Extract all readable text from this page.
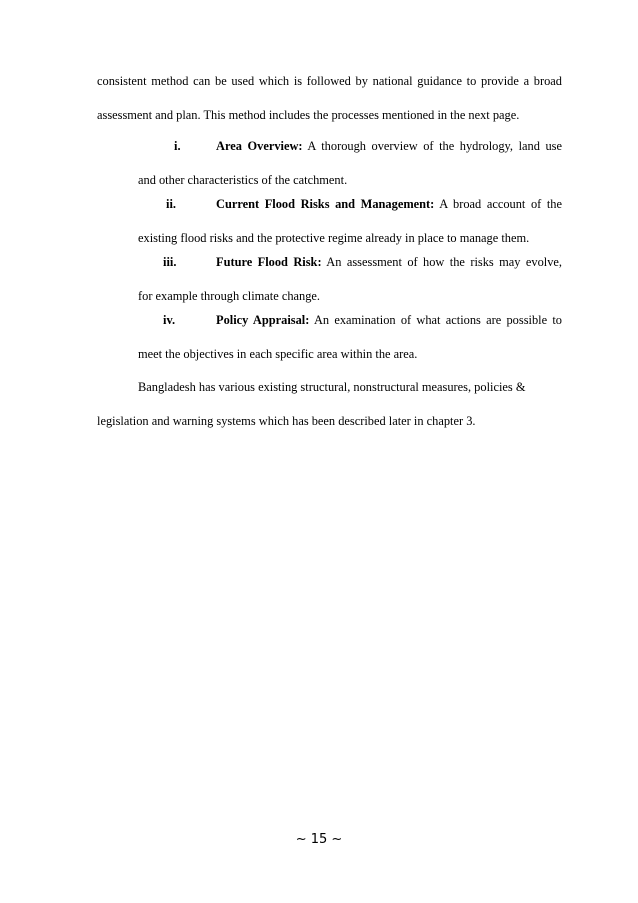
consistent method can be used which is followed by national guidance to provide a broad
assessment and plan. This method includes the processes mentioned in the next page.

i.	Area Overview: A thorough overview of the hydrology, land use
and other characteristics of the catchment.
ii.	Current Flood Risks and Management: A broad account of the
existing flood risks and the protective regime already in place to manage them.
iii.	Future Flood Risk: An assessment of how the risks may evolve,
for example through climate change.
iv.	Policy Appraisal: An examination of what actions are possible to
meet the objectives in each specific area within the area.

Bangladesh has various existing structural, nonstructural measures, policies &
legislation and warning systems which has been described later in chapter 3.

~ 15 ~
